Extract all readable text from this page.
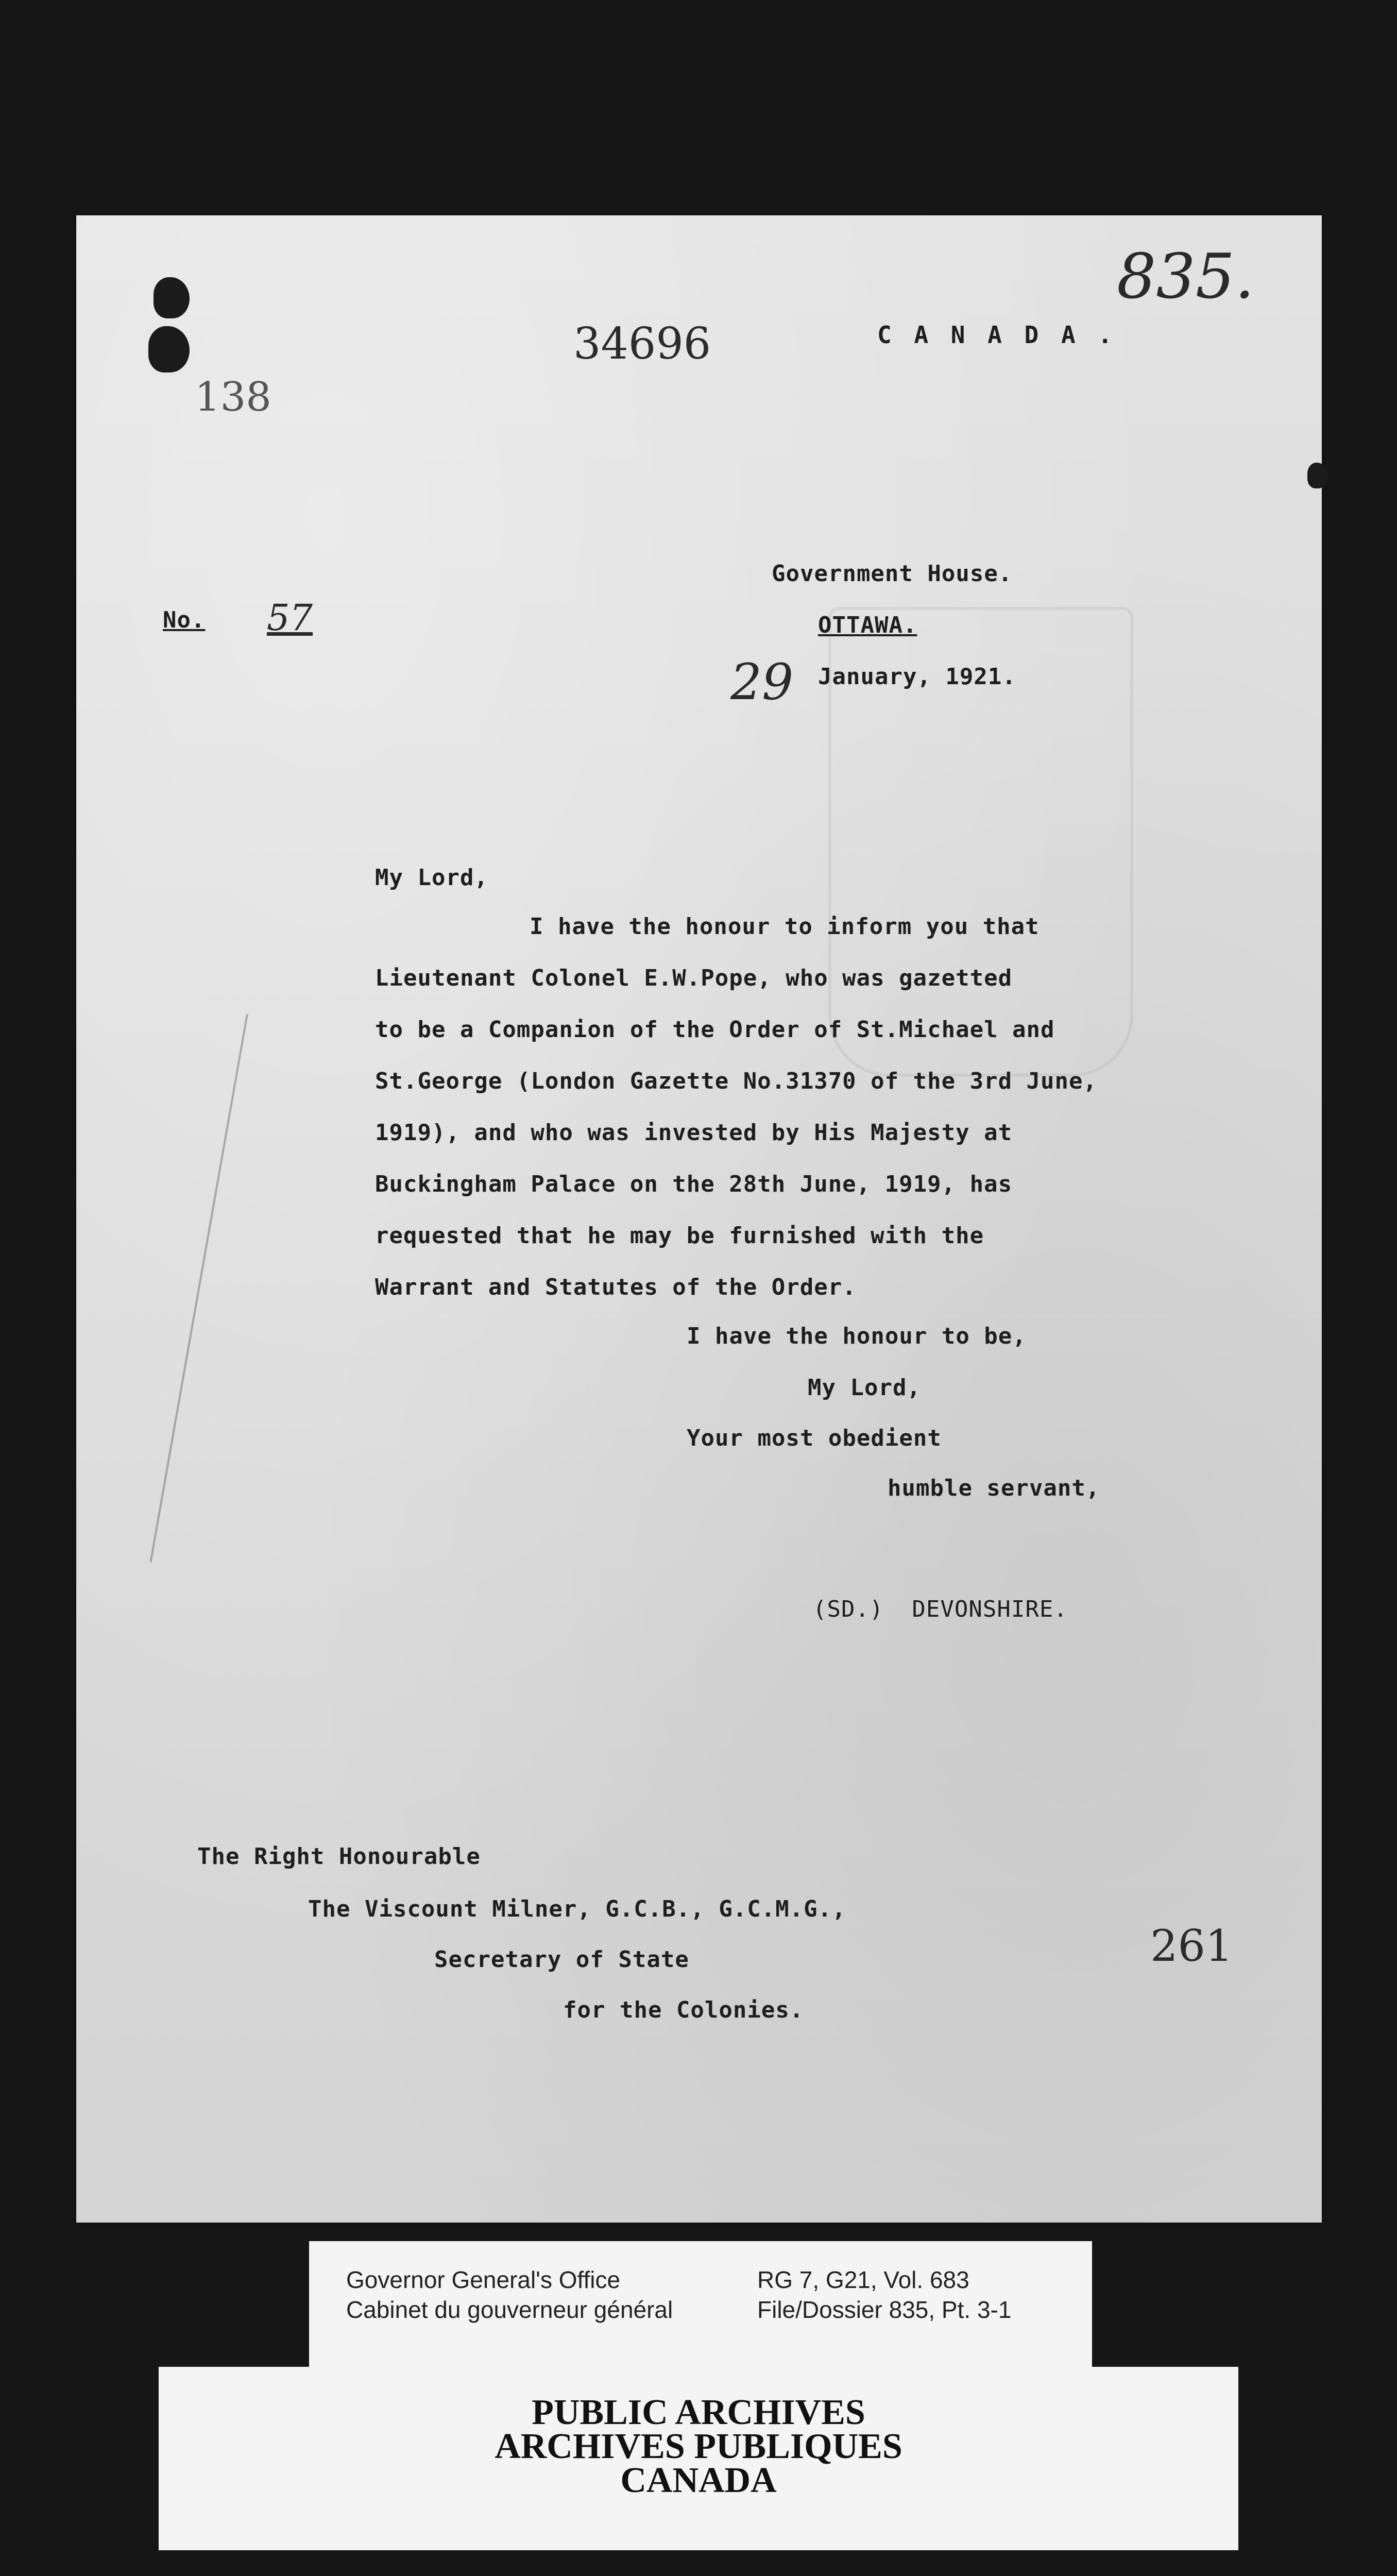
835.
34696
138
C A N A D A .
No. 57
Government House.
OTTAWA.
29 January, 1921.
My Lord,
I have the honour to inform you that
Lieutenant Colonel E.W.Pope, who was gazetted
to be a Companion of the Order of St.Michael and
St.George (London Gazette No.31370 of the 3rd June,
1919), and who was invested by His Majesty at
Buckingham Palace on the 28th June, 1919, has
requested that he may be furnished with the
Warrant and Statutes of the Order.
I have the honour to be,
My Lord,
Your most obedient
humble servant,
(SD.)  DEVONSHIRE.
The Right Honourable
The Viscount Milner, G.C.B., G.C.M.G.,
Secretary of State
for the Colonies.
261
Governor General's Office
Cabinet du gouverneur général
RG 7, G21, Vol. 683
File/Dossier 835, Pt. 3-1
PUBLIC ARCHIVES
ARCHIVES PUBLIQUES
CANADA
